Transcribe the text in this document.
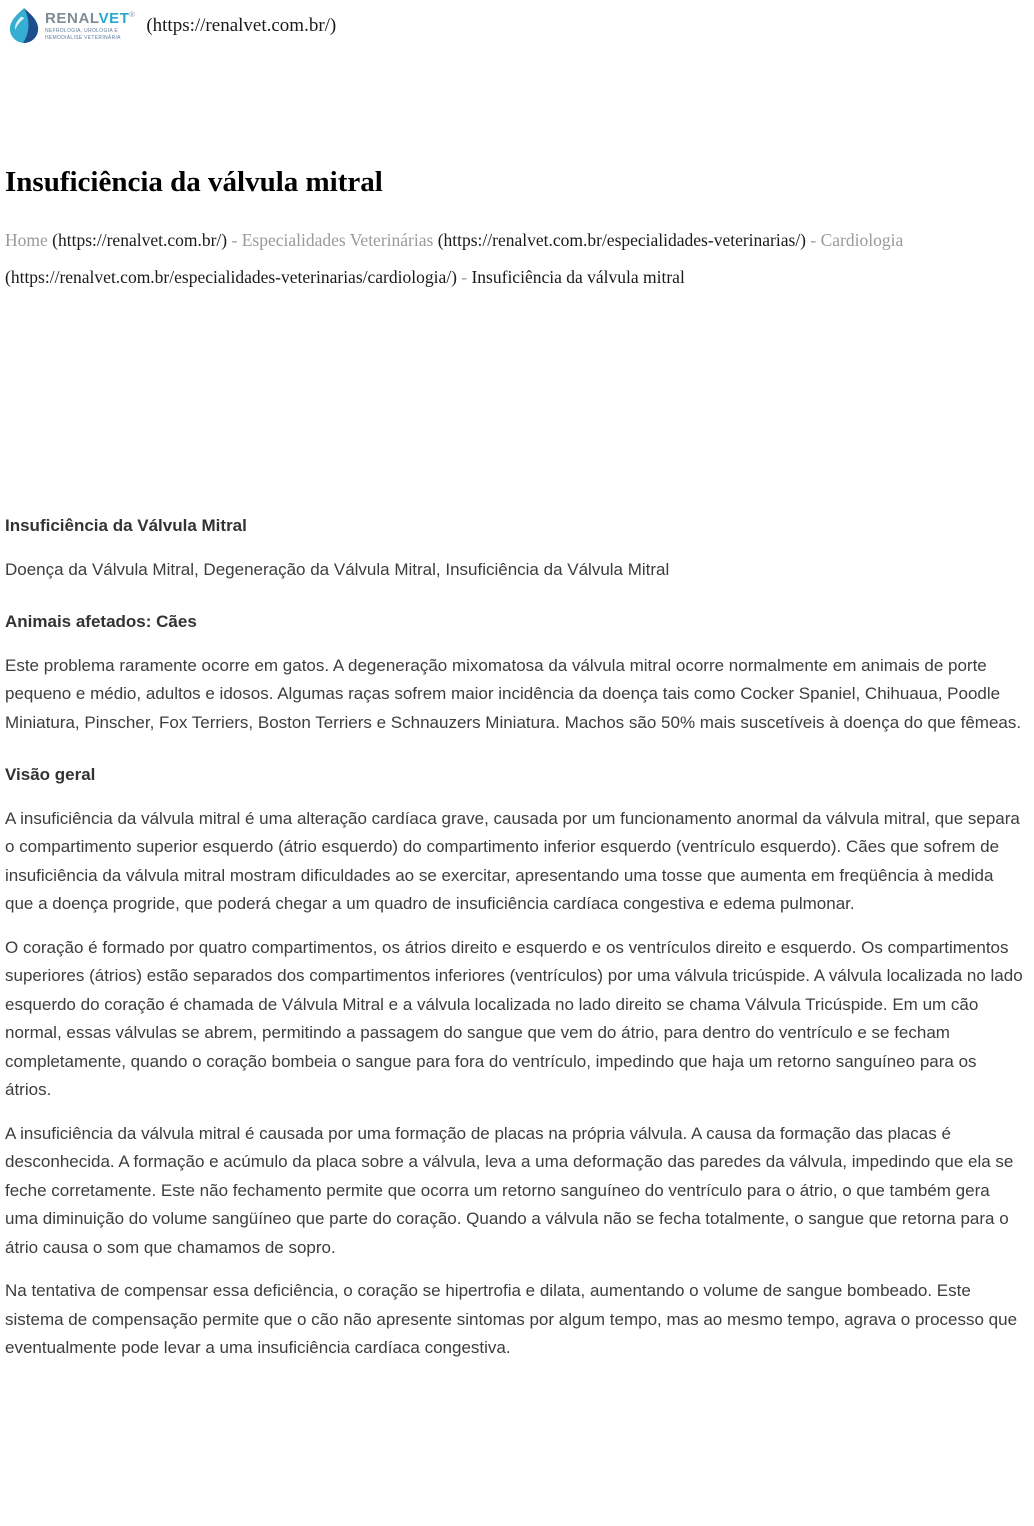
RENALVET®
NEFROLOGIA, UROLOGIA E
HEMODIÁLISE VETERINÁRIA
(https://renalvet.com.br/)
Insuficiência da válvula mitral
Home (https://renalvet.com.br/) - Especialidades Veterinárias (https://renalvet.com.br/especialidades-veterinarias/) - Cardiologia (https://renalvet.com.br/especialidades-veterinarias/cardiologia/) - Insuficiência da válvula mitral

Insuficiência da Válvula Mitral

Doença da Válvula Mitral, Degeneração da Válvula Mitral, Insuficiência da Válvula Mitral

Animais afetados: Cães

Este problema raramente ocorre em gatos. A degeneração mixomatosa da válvula mitral ocorre normalmente em animais de porte pequeno e médio, adultos e idosos. Algumas raças sofrem maior incidência da doença tais como Cocker Spaniel, Chihuaua, Poodle Miniatura, Pinscher, Fox Terriers, Boston Terriers e Schnauzers Miniatura. Machos são 50% mais suscetíveis à doença do que fêmeas.

Visão geral

A insuficiência da válvula mitral é uma alteração cardíaca grave, causada por um funcionamento anormal da válvula mitral, que separa o compartimento superior esquerdo (átrio esquerdo) do compartimento inferior esquerdo (ventrículo esquerdo). Cães que sofrem de insuficiência da válvula mitral mostram dificuldades ao se exercitar, apresentando uma tosse que aumenta em freqüência à medida que a doença progride, que poderá chegar a um quadro de insuficiência cardíaca congestiva e edema pulmonar.

O coração é formado por quatro compartimentos, os átrios direito e esquerdo e os ventrículos direito e esquerdo. Os compartimentos superiores (átrios) estão separados dos compartimentos inferiores (ventrículos) por uma válvula tricúspide. A válvula localizada no lado esquerdo do coração é chamada de Válvula Mitral e a válvula localizada no lado direito se chama Válvula Tricúspide. Em um cão normal, essas válvulas se abrem, permitindo a passagem do sangue que vem do átrio, para dentro do ventrículo e se fecham completamente, quando o coração bombeia o sangue para fora do ventrículo, impedindo que haja um retorno sanguíneo para os átrios.

A insuficiência da válvula mitral é causada por uma formação de placas na própria válvula. A causa da formação das placas é desconhecida. A formação e acúmulo da placa sobre a válvula, leva a uma deformação das paredes da válvula, impedindo que ela se feche corretamente. Este não fechamento permite que ocorra um retorno sanguíneo do ventrículo para o átrio, o que também gera uma diminuição do volume sangüíneo que parte do coração. Quando a válvula não se fecha totalmente, o sangue que retorna para o átrio causa o som que chamamos de sopro.

Na tentativa de compensar essa deficiência, o coração se hipertrofia e dilata, aumentando o volume de sangue bombeado. Este sistema de compensação permite que o cão não apresente sintomas por algum tempo, mas ao mesmo tempo, agrava o processo que eventualmente pode levar a uma insuficiência cardíaca congestiva.
